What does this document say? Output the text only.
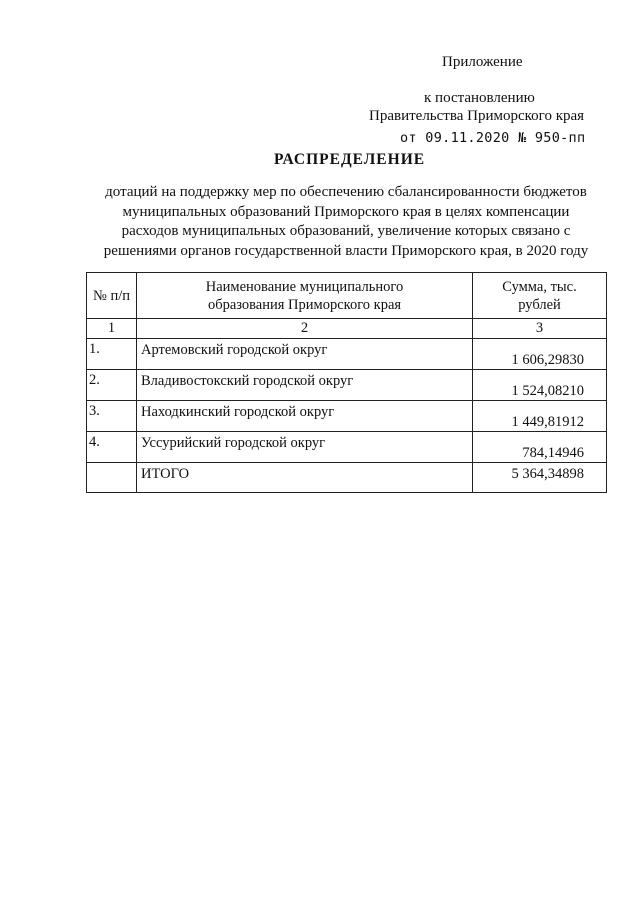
Приложение
к постановлению
Правительства Приморского края
от 09.11.2020 № 950-пп
РАСПРЕДЕЛЕНИЕ
дотаций на поддержку мер по обеспечению сбалансированности бюджетов
муниципальных образований Приморского края в целях компенсации
расходов муниципальных образований, увеличение которых связано с
решениями органов государственной власти Приморского края, в 2020 году
№ п/п	Наименование муниципального образования Приморского края	Сумма, тыс. рублей
1	2	3
1.	Артемовский городской округ	1 606,29830
2.	Владивостокский городской округ	1 524,08210
3.	Находкинский городской округ	1 449,81912
4.	Уссурийский городской округ	784,14946
	ИТОГО	5 364,34898
